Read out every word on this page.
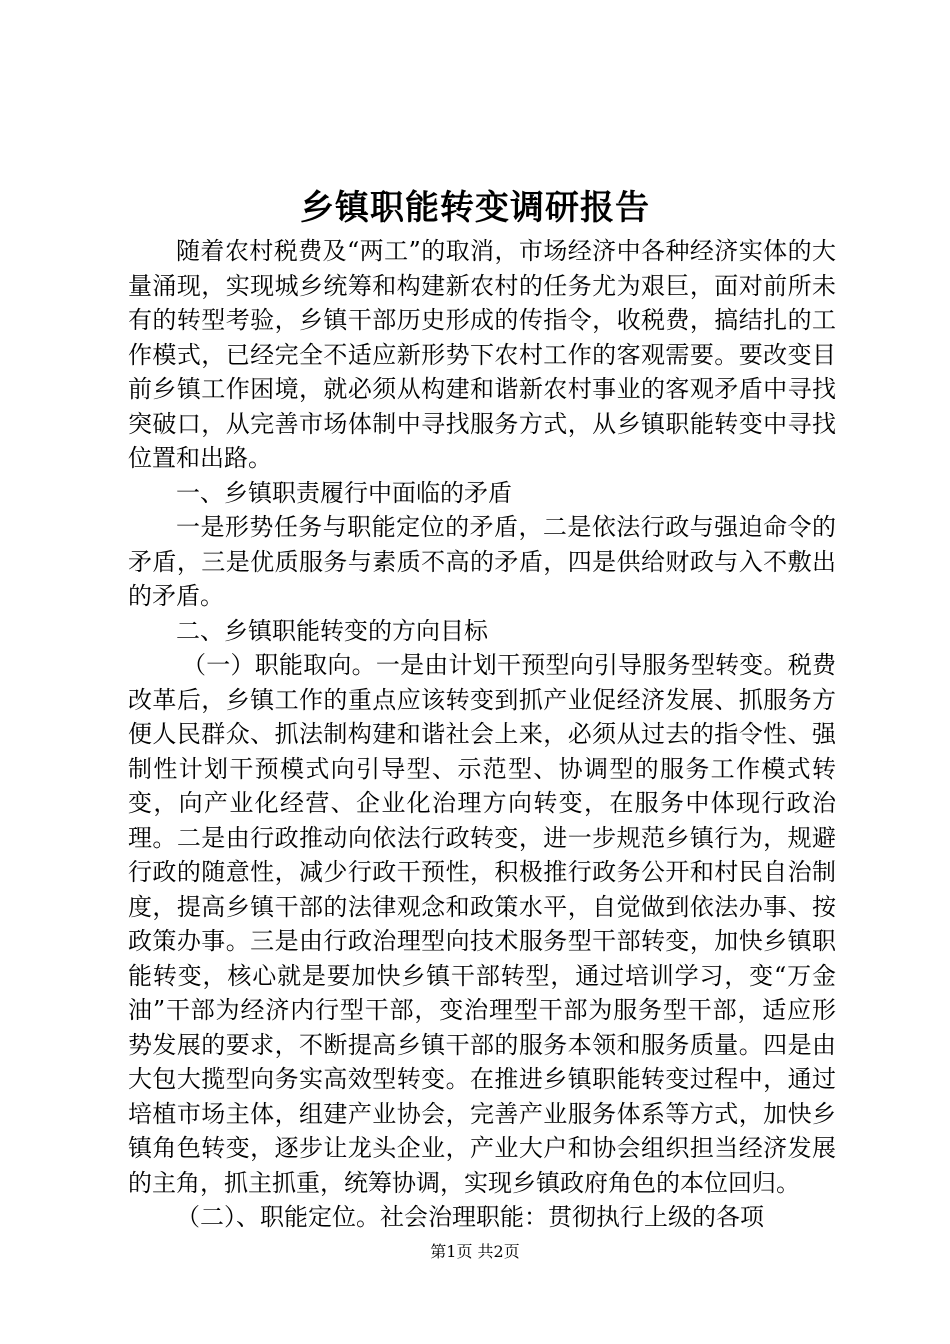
乡镇职能转变调研报告

随着农村税费及“两工”的取消，市场经济中各种经济实体的大量涌现，实现城乡统筹和构建新农村的任务尤为艰巨，面对前所未有的转型考验，乡镇干部历史形成的传指令，收税费，搞结扎的工作模式，已经完全不适应新形势下农村工作的客观需要。要改变目前乡镇工作困境，就必须从构建和谐新农村事业的客观矛盾中寻找突破口，从完善市场体制中寻找服务方式，从乡镇职能转变中寻找位置和出路。

一、乡镇职责履行中面临的矛盾

一是形势任务与职能定位的矛盾，二是依法行政与强迫命令的矛盾，三是优质服务与素质不高的矛盾，四是供给财政与入不敷出的矛盾。

二、乡镇职能转变的方向目标

（一）职能取向。一是由计划干预型向引导服务型转变。税费改革后，乡镇工作的重点应该转变到抓产业促经济发展、抓服务方便人民群众、抓法制构建和谐社会上来，必须从过去的指令性、强制性计划干预模式向引导型、示范型、协调型的服务工作模式转变，向产业化经营、企业化治理方向转变，在服务中体现行政治理。二是由行政推动向依法行政转变，进一步规范乡镇行为，规避行政的随意性，减少行政干预性，积极推行政务公开和村民自治制度，提高乡镇干部的法律观念和政策水平，自觉做到依法办事、按政策办事。三是由行政治理型向技术服务型干部转变，加快乡镇职能转变，核心就是要加快乡镇干部转型，通过培训学习，变“万金油”干部为经济内行型干部，变治理型干部为服务型干部，适应形势发展的要求，不断提高乡镇干部的服务本领和服务质量。四是由大包大揽型向务实高效型转变。在推进乡镇职能转变过程中，通过培植市场主体，组建产业协会，完善产业服务体系等方式，加快乡镇角色转变，逐步让龙头企业，产业大户和协会组织担当经济发展的主角，抓主抓重，统筹协调，实现乡镇政府角色的本位回归。

（二）、职能定位。社会治理职能：贯彻执行上级的各项

第1页 共2页
